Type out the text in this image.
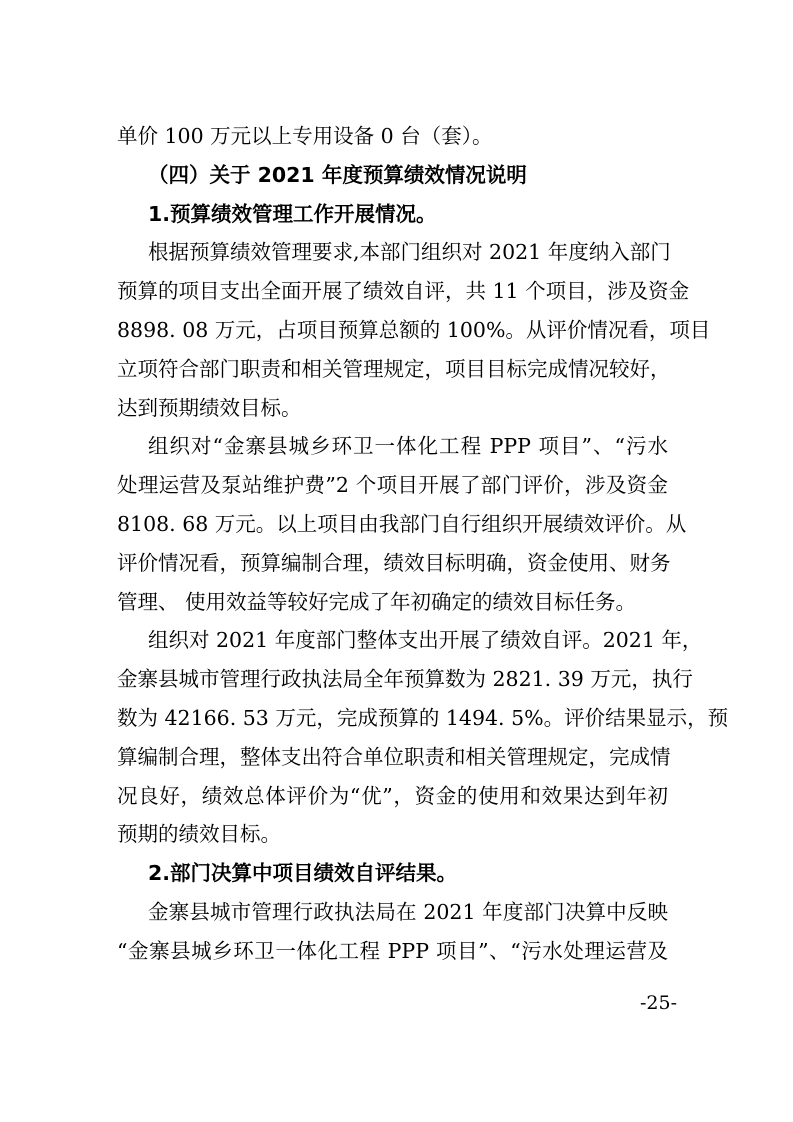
单价 100 万元以上专用设备 0 台（套）。
（四）关于 2021 年度预算绩效情况说明
1.预算绩效管理工作开展情况。
根据预算绩效管理要求,本部门组织对 2021 年度纳入部门
预算的项目支出全面开展了绩效自评，共 11 个项目，涉及资金
8898. 08 万元，占项目预算总额的 100%。从评价情况看，项目
立项符合部门职责和相关管理规定，项目目标完成情况较好，
达到预期绩效目标。
组织对“金寨县城乡环卫一体化工程 PPP 项目”、“污水
处理运营及泵站维护费”2 个项目开展了部门评价，涉及资金
8108. 68 万元。以上项目由我部门自行组织开展绩效评价。从
评价情况看，预算编制合理，绩效目标明确，资金使用、财务
管理、 使用效益等较好完成了年初确定的绩效目标任务。
组织对 2021 年度部门整体支出开展了绩效自评。2021 年，
金寨县城市管理行政执法局全年预算数为 2821. 39 万元，执行
数为 42166. 53 万元，完成预算的 1494. 5%。评价结果显示，预
算编制合理，整体支出符合单位职责和相关管理规定，完成情
况良好，绩效总体评价为“优”，资金的使用和效果达到年初
预期的绩效目标。
2.部门决算中项目绩效自评结果。
金寨县城市管理行政执法局在 2021 年度部门决算中反映
“金寨县城乡环卫一体化工程 PPP 项目”、“污水处理运营及
-25-
